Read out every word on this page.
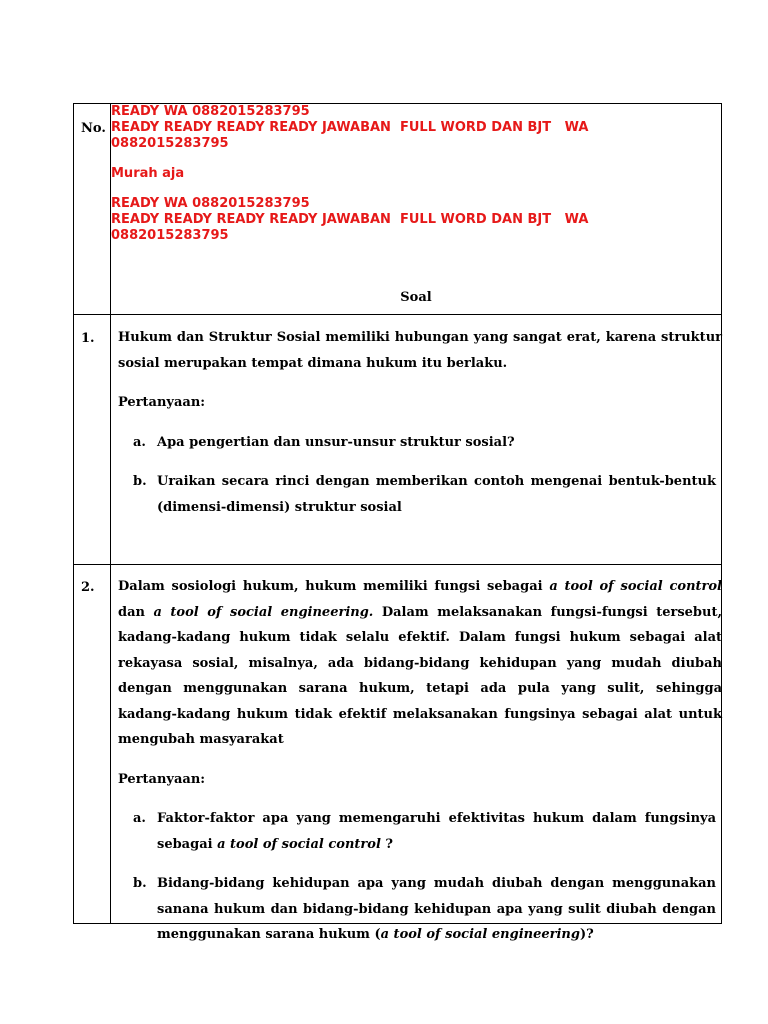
No.
READY WA 0882015283795
READY READY READY READY JAWABAN  FULL WORD DAN BJT   WA
0882015283795
Murah aja
READY WA 0882015283795
READY READY READY READY JAWABAN  FULL WORD DAN BJT   WA
0882015283795
Soal
1. Hukum dan Struktur Sosial memiliki hubungan yang sangat erat, karena struktur sosial merupakan tempat dimana hukum itu berlaku.

Pertanyaan:

a. Apa pengertian dan unsur-unsur struktur sosial?
b. Uraikan secara rinci dengan memberikan contoh mengenai bentuk-bentuk (dimensi-dimensi) struktur sosial
2. Dalam sosiologi hukum, hukum memiliki fungsi sebagai a tool of social control dan a tool of social engineering. Dalam melaksanakan fungsi-fungsi tersebut, kadang-kadang hukum tidak selalu efektif. Dalam fungsi hukum sebagai alat rekayasa sosial, misalnya, ada bidang-bidang kehidupan yang mudah diubah dengan menggunakan sarana hukum, tetapi ada pula yang sulit, sehingga kadang-kadang hukum tidak efektif melaksanakan fungsinya sebagai alat untuk mengubah masyarakat

Pertanyaan:

a. Faktor-faktor apa yang memengaruhi efektivitas hukum dalam fungsinya sebagai a tool of social control ?
b. Bidang-bidang kehidupan apa yang mudah diubah dengan menggunakan sanana hukum dan bidang-bidang kehidupan apa yang sulit diubah dengan menggunakan sarana hukum (a tool of social engineering)?
